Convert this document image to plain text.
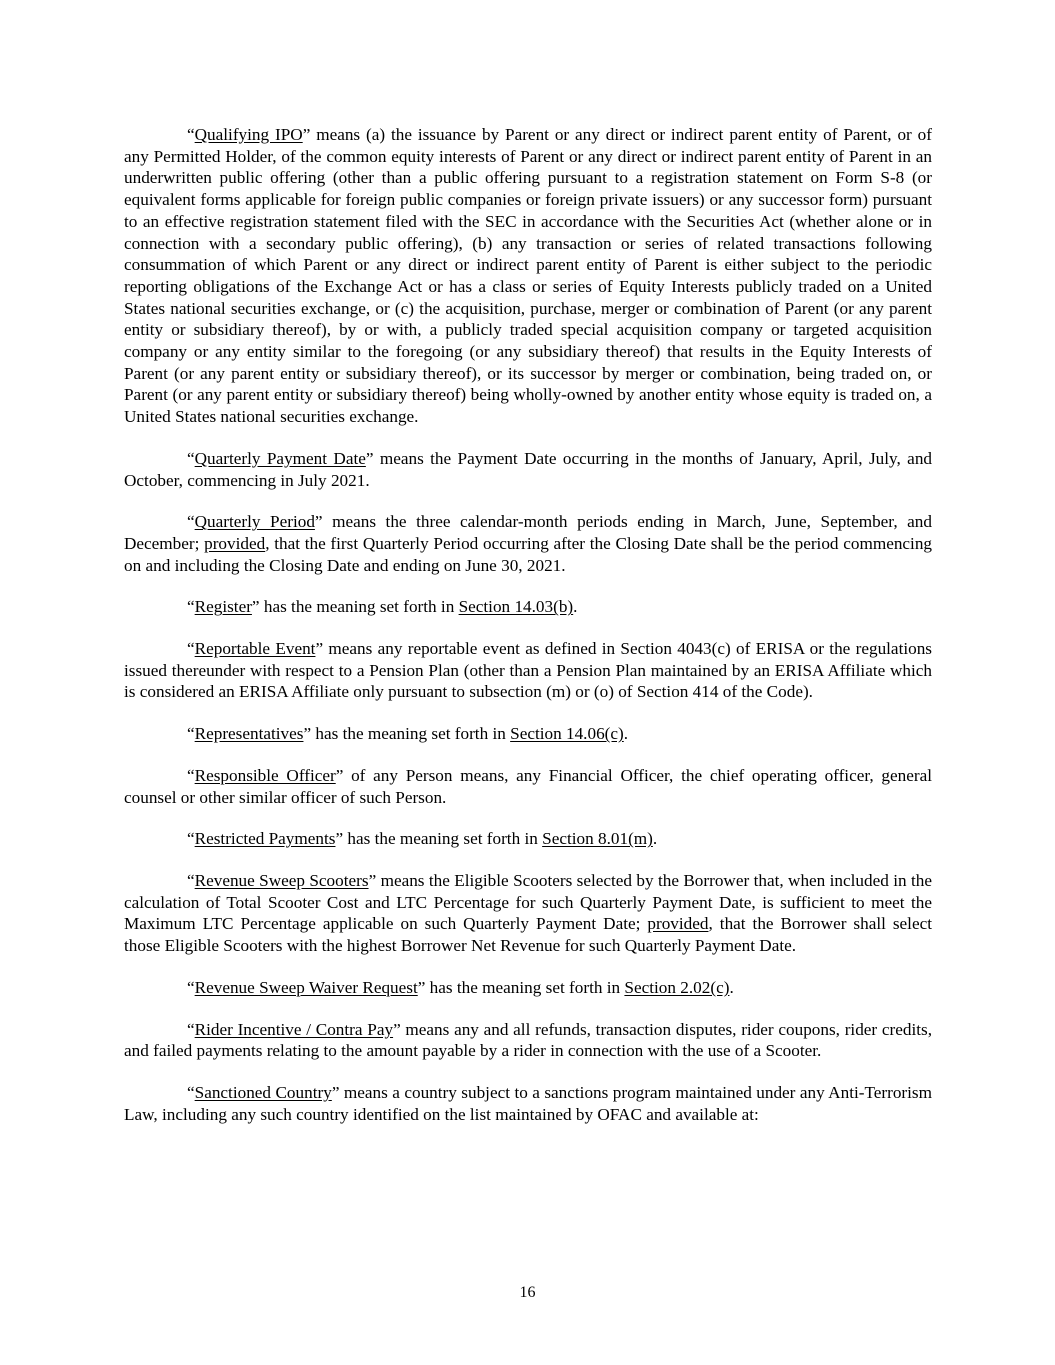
“Qualifying IPO” means (a) the issuance by Parent or any direct or indirect parent entity of Parent, or of any Permitted Holder, of the common equity interests of Parent or any direct or indirect parent entity of Parent in an underwritten public offering (other than a public offering pursuant to a registration statement on Form S-8 (or equivalent forms applicable for foreign public companies or foreign private issuers) or any successor form) pursuant to an effective registration statement filed with the SEC in accordance with the Securities Act (whether alone or in connection with a secondary public offering), (b) any transaction or series of related transactions following consummation of which Parent or any direct or indirect parent entity of Parent is either subject to the periodic reporting obligations of the Exchange Act or has a class or series of Equity Interests publicly traded on a United States national securities exchange, or (c) the acquisition, purchase, merger or combination of Parent (or any parent entity or subsidiary thereof), by or with, a publicly traded special acquisition company or targeted acquisition company or any entity similar to the foregoing (or any subsidiary thereof) that results in the Equity Interests of Parent (or any parent entity or subsidiary thereof), or its successor by merger or combination, being traded on, or Parent (or any parent entity or subsidiary thereof) being wholly-owned by another entity whose equity is traded on, a United States national securities exchange.

“Quarterly Payment Date” means the Payment Date occurring in the months of January, April, July, and October, commencing in July 2021.

“Quarterly Period” means the three calendar-month periods ending in March, June, September, and December; provided, that the first Quarterly Period occurring after the Closing Date shall be the period commencing on and including the Closing Date and ending on June 30, 2021.

“Register” has the meaning set forth in Section 14.03(b).

“Reportable Event” means any reportable event as defined in Section 4043(c) of ERISA or the regulations issued thereunder with respect to a Pension Plan (other than a Pension Plan maintained by an ERISA Affiliate which is considered an ERISA Affiliate only pursuant to subsection (m) or (o) of Section 414 of the Code).

“Representatives” has the meaning set forth in Section 14.06(c).

“Responsible Officer” of any Person means, any Financial Officer, the chief operating officer, general counsel or other similar officer of such Person.

“Restricted Payments” has the meaning set forth in Section 8.01(m).

“Revenue Sweep Scooters” means the Eligible Scooters selected by the Borrower that, when included in the calculation of Total Scooter Cost and LTC Percentage for such Quarterly Payment Date, is sufficient to meet the Maximum LTC Percentage applicable on such Quarterly Payment Date; provided, that the Borrower shall select those Eligible Scooters with the highest Borrower Net Revenue for such Quarterly Payment Date.

“Revenue Sweep Waiver Request” has the meaning set forth in Section 2.02(c).

“Rider Incentive / Contra Pay” means any and all refunds, transaction disputes, rider coupons, rider credits, and failed payments relating to the amount payable by a rider in connection with the use of a Scooter.

“Sanctioned Country” means a country subject to a sanctions program maintained under any Anti-Terrorism Law, including any such country identified on the list maintained by OFAC and available at:

16
